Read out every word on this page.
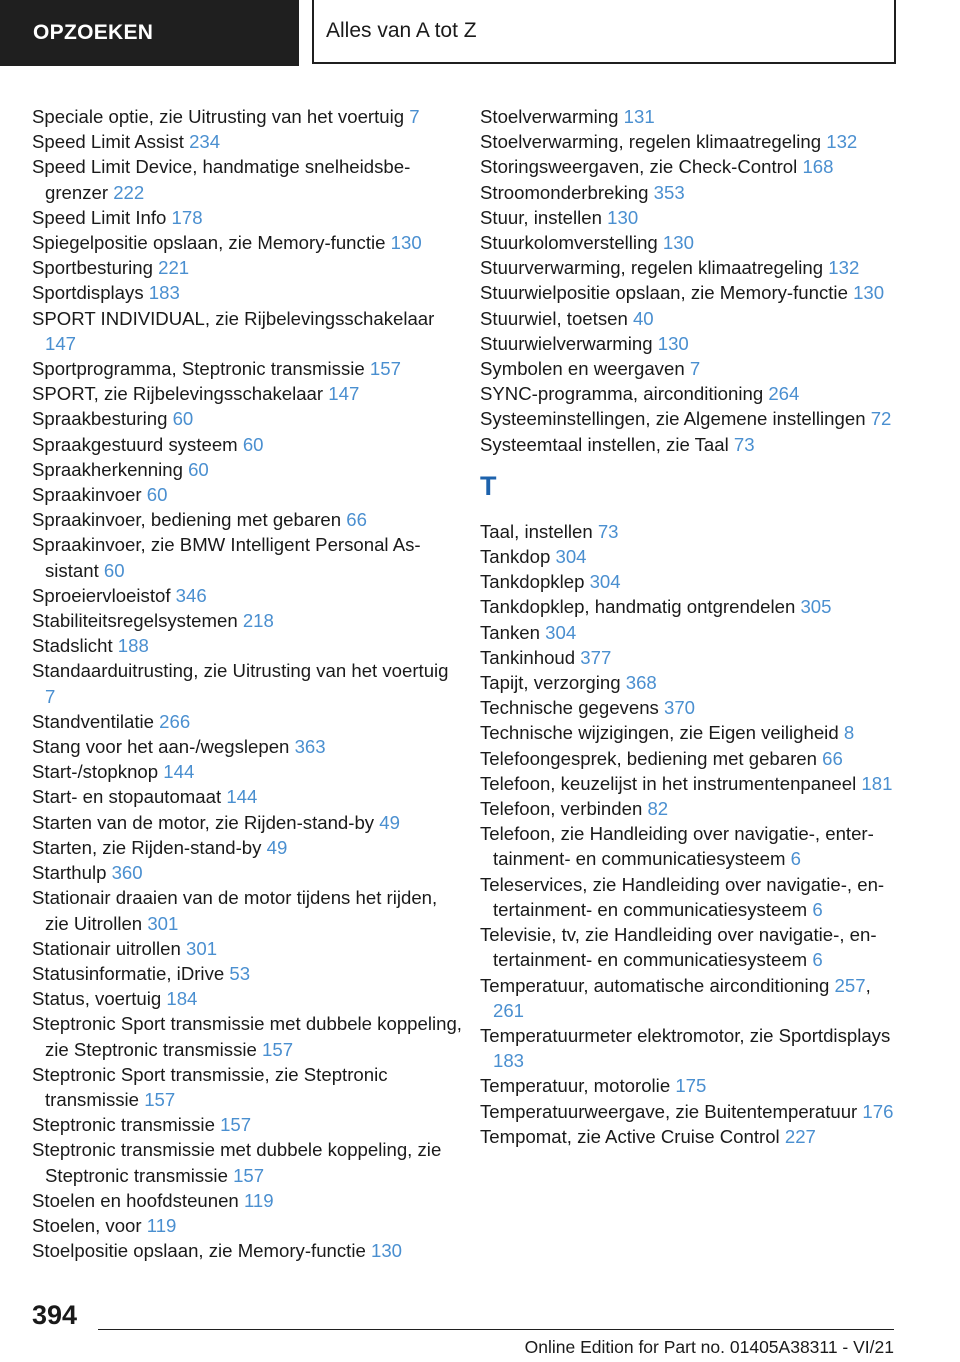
OPZOEKEN	Alles van A tot Z
Speciale optie, zie Uitrusting van het voertuig 7
Speed Limit Assist 234
Speed Limit Device, handmatige snelheidsbegrenzer 222
Speed Limit Info 178
Spiegelpositie opslaan, zie Memory-functie 130
Sportbesturing 221
Sportdisplays 183
SPORT INDIVIDUAL, zie Rijbelevingsschakelaar 147
Sportprogramma, Steptronic transmissie 157
SPORT, zie Rijbelevingsschakelaar 147
Spraakbesturing 60
Spraakgestuurd systeem 60
Spraakherkenning 60
Spraakinvoer 60
Spraakinvoer, bediening met gebaren 66
Spraakinvoer, zie BMW Intelligent Personal Assistant 60
Sproeiervloeistof 346
Stabiliteitsregelsystemen 218
Stadslicht 188
Standaarduitrusting, zie Uitrusting van het voertuig 7
Standventilatie 266
Stang voor het aan-/wegslepen 363
Start-/stopknop 144
Start- en stopautomaat 144
Starten van de motor, zie Rijden-stand-by 49
Starten, zie Rijden-stand-by 49
Starthulp 360
Stationair draaien van de motor tijdens het rijden, zie Uitrollen 301
Stationair uitrollen 301
Statusinformatie, iDrive 53
Status, voertuig 184
Steptronic Sport transmissie met dubbele koppeling, zie Steptronic transmissie 157
Steptronic Sport transmissie, zie Steptronic transmissie 157
Steptronic transmissie 157
Steptronic transmissie met dubbele koppeling, zie Steptronic transmissie 157
Stoelen en hoofdsteunen 119
Stoelen, voor 119
Stoelpositie opslaan, zie Memory-functie 130
Stoelverwarming 131
Stoelverwarming, regelen klimaatregeling 132
Storingsweergaven, zie Check-Control 168
Stroomonderbreking 353
Stuur, instellen 130
Stuurkolomverstelling 130
Stuurverwarming, regelen klimaatregeling 132
Stuurwielpositie opslaan, zie Memory-functie 130
Stuurwiel, toetsen 40
Stuurwielverwarming 130
Symbolen en weergaven 7
SYNC-programma, airconditioning 264
Systeeminstellingen, zie Algemene instellingen 72
Systeemtaal instellen, zie Taal 73
T
Taal, instellen 73
Tankdop 304
Tankdopklep 304
Tankdopklep, handmatig ontgrendelen 305
Tanken 304
Tankinhoud 377
Tapijt, verzorging 368
Technische gegevens 370
Technische wijzigingen, zie Eigen veiligheid 8
Telefoongesprek, bediening met gebaren 66
Telefoon, keuzelijst in het instrumentenpaneel 181
Telefoon, verbinden 82
Telefoon, zie Handleiding over navigatie-, entertainment- en communicatiesysteem 6
Teleservices, zie Handleiding over navigatie-, entertainment- en communicatiesysteem 6
Televisie, tv, zie Handleiding over navigatie-, entertainment- en communicatiesysteem 6
Temperatuur, automatische airconditioning 257, 261
Temperatuurmeter elektromotor, zie Sportdisplays 183
Temperatuur, motorolie 175
Temperatuurweergave, zie Buitentemperatuur 176
Tempomat, zie Active Cruise Control 227
394
Online Edition for Part no. 01405A38311 - VI/21
